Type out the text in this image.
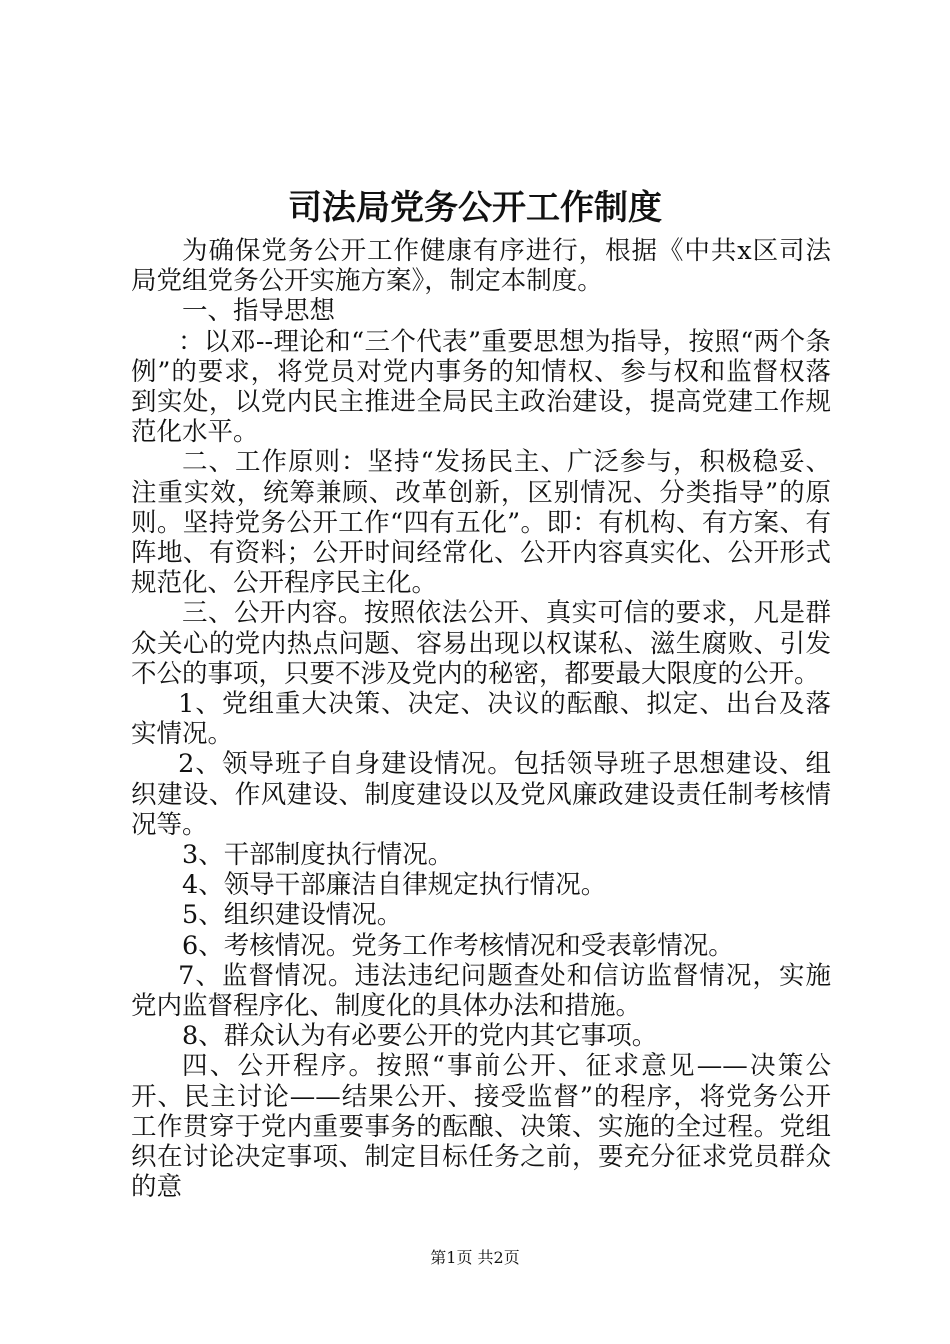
司法局党务公开工作制度

为确保党务公开工作健康有序进行，根据《中共x区司法局党组党务公开实施方案》，制定本制度。

一、指导思想

：以邓--理论和“三个代表”重要思想为指导，按照“两个条例”的要求，将党员对党内事务的知情权、参与权和监督权落到实处，以党内民主推进全局民主政治建设，提高党建工作规范化水平。

二、工作原则：坚持“发扬民主、广泛参与，积极稳妥、注重实效，统筹兼顾、改革创新，区别情况、分类指导”的原则。坚持党务公开工作“四有五化”。即：有机构、有方案、有阵地、有资料；公开时间经常化、公开内容真实化、公开形式规范化、公开程序民主化。

三、公开内容。按照依法公开、真实可信的要求，凡是群众关心的党内热点问题、容易出现以权谋私、滋生腐败、引发不公的事项，只要不涉及党内的秘密，都要最大限度的公开。

1、党组重大决策、决定、决议的酝酿、拟定、出台及落实情况。

2、领导班子自身建设情况。包括领导班子思想建设、组织建设、作风建设、制度建设以及党风廉政建设责任制考核情况等。

3、干部制度执行情况。

4、领导干部廉洁自律规定执行情况。

5、组织建设情况。

6、考核情况。党务工作考核情况和受表彰情况。

7、监督情况。违法违纪问题查处和信访监督情况，实施党内监督程序化、制度化的具体办法和措施。

8、群众认为有必要公开的党内其它事项。

四、公开程序。按照“事前公开、征求意见——决策公开、民主讨论——结果公开、接受监督”的程序，将党务公开工作贯穿于党内重要事务的酝酿、决策、实施的全过程。党组织在讨论决定事项、制定目标任务之前，要充分征求党员群众的意

第1页 共2页
